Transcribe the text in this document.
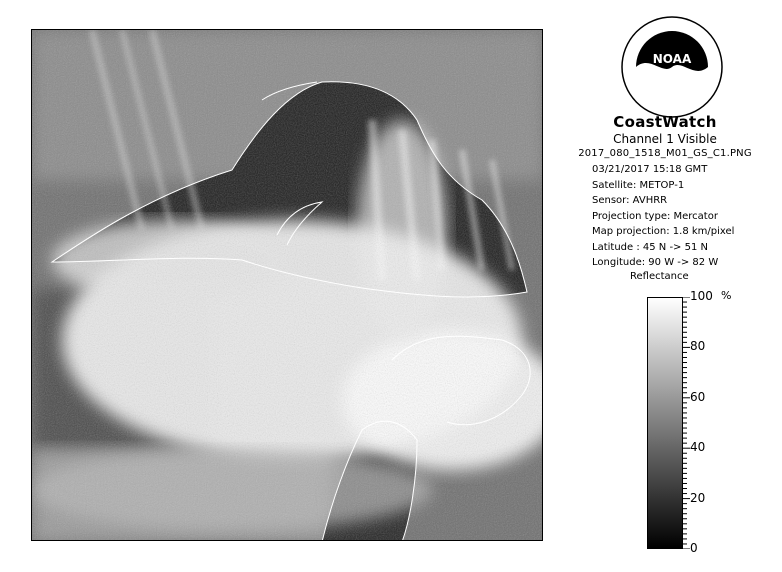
NOAA
CoastWatch
Channel 1 Visible
2017_080_1518_M01_GS_C1.PNG
03/21/2017 15:18 GMT
Satellite: METOP-1
Sensor: AVHRR
Projection type: Mercator
Map projection: 1.8 km/pixel
Latitude : 45 N -> 51 N
Longitude: 90 W -> 82 W
Reflectance
%
100
80
60
40
20
0
